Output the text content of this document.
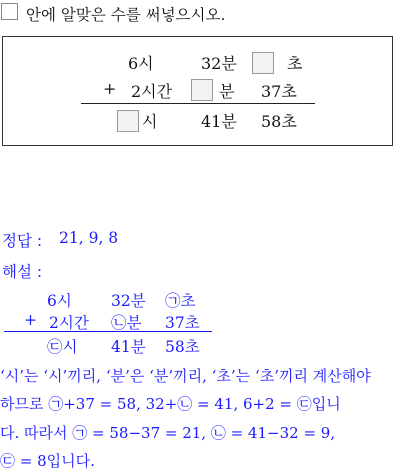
안에 알맞은 수를 써넣으시오.
6시	32분	초
+ 2시간	분 37초
시	41분 58초
정답 : 21, 9, 8
해설 :
6시	32분 ㉠초
+ 2시간 ㉡분 37초
㉢시 41분 58초
‘시’는 ‘시’끼리, ‘분’은 ‘분’끼리, ‘초’는 ‘초’끼리 계산해야
하므로 ㉠+37 = 58, 32+㉡ = 41, 6+2 = ㉢입니
다. 따라서 ㉠ = 58−37 = 21, ㉡ = 41−32 = 9,
㉢ = 8입니다.
